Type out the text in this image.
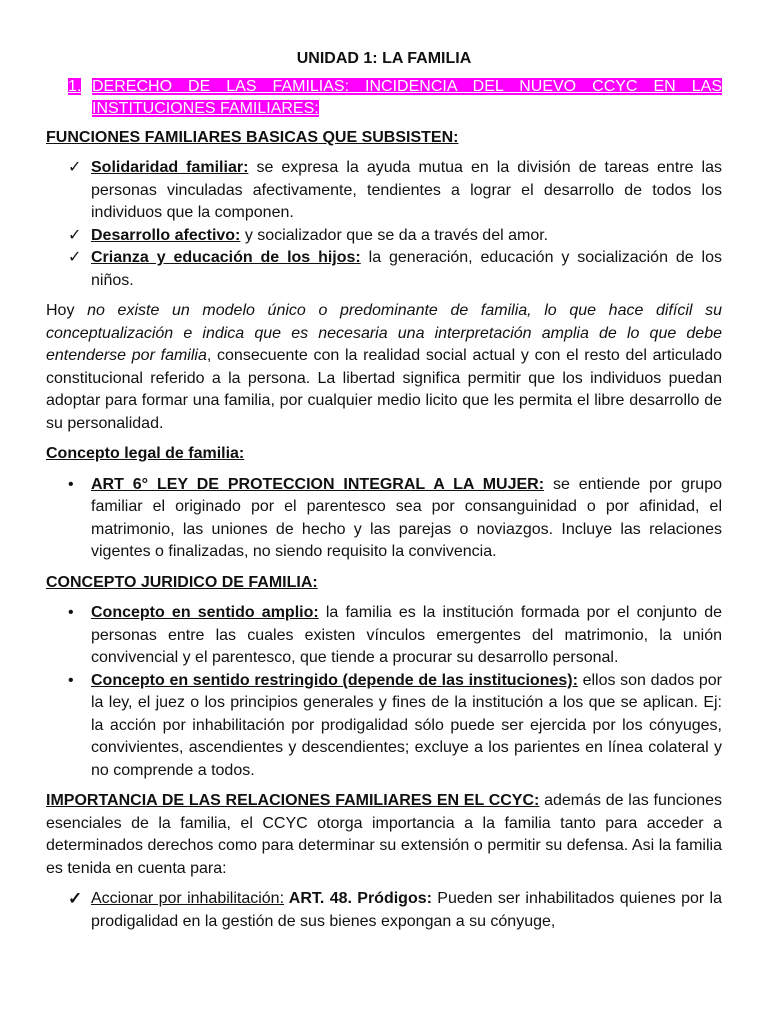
UNIDAD 1: LA FAMILIA
1. DERECHO DE LAS FAMILIAS: INCIDENCIA DEL NUEVO CCYC EN LAS INSTITUCIONES FAMILIARES:
FUNCIONES FAMILIARES BASICAS QUE SUBSISTEN:
✓ Solidaridad familiar: se expresa la ayuda mutua en la división de tareas entre las personas vinculadas afectivamente, tendientes a lograr el desarrollo de todos los individuos que la componen.
✓ Desarrollo afectivo: y socializador que se da a través del amor.
✓ Crianza y educación de los hijos: la generación, educación y socialización de los niños.

Hoy no existe un modelo único o predominante de familia, lo que hace difícil su conceptualización e indica que es necesaria una interpretación amplia de lo que debe entenderse por familia, consecuente con la realidad social actual y con el resto del articulado constitucional referido a la persona. La libertad significa permitir que los individuos puedan adoptar para formar una familia, por cualquier medio licito que les permita el libre desarrollo de su personalidad.

Concepto legal de familia:
•	ART 6° LEY DE PROTECCION INTEGRAL A LA MUJER: se entiende por grupo familiar el originado por el parentesco sea por consanguinidad o por afinidad, el matrimonio, las uniones de hecho y las parejas o noviazgos. Incluye las relaciones vigentes o finalizadas, no siendo requisito la convivencia.
CONCEPTO JURIDICO DE FAMILIA:
•	Concepto en sentido amplio: la familia es la institución formada por el conjunto de personas entre las cuales existen vínculos emergentes del matrimonio, la unión convivencial y el parentesco, que tiende a procurar su desarrollo personal.
•	Concepto en sentido restringido (depende de las instituciones): ellos son dados por la ley, el juez o los principios generales y fines de la institución a los que se aplican. Ej: la acción por inhabilitación por prodigalidad sólo puede ser ejercida por los cónyuges, convivientes, ascendientes y descendientes; excluye a los parientes en línea colateral y no comprende a todos.

IMPORTANCIA DE LAS RELACIONES FAMILIARES EN EL CCYC: además de las funciones esenciales de la familia, el CCYC otorga importancia a la familia tanto para acceder a determinados derechos como para determinar su extensión o permitir su defensa. Asi la familia es tenida en cuenta para:

✓ Accionar por inhabilitación: ART. 48. Pródigos: Pueden ser inhabilitados quienes por la prodigalidad en la gestión de sus bienes expongan a su cónyuge,
